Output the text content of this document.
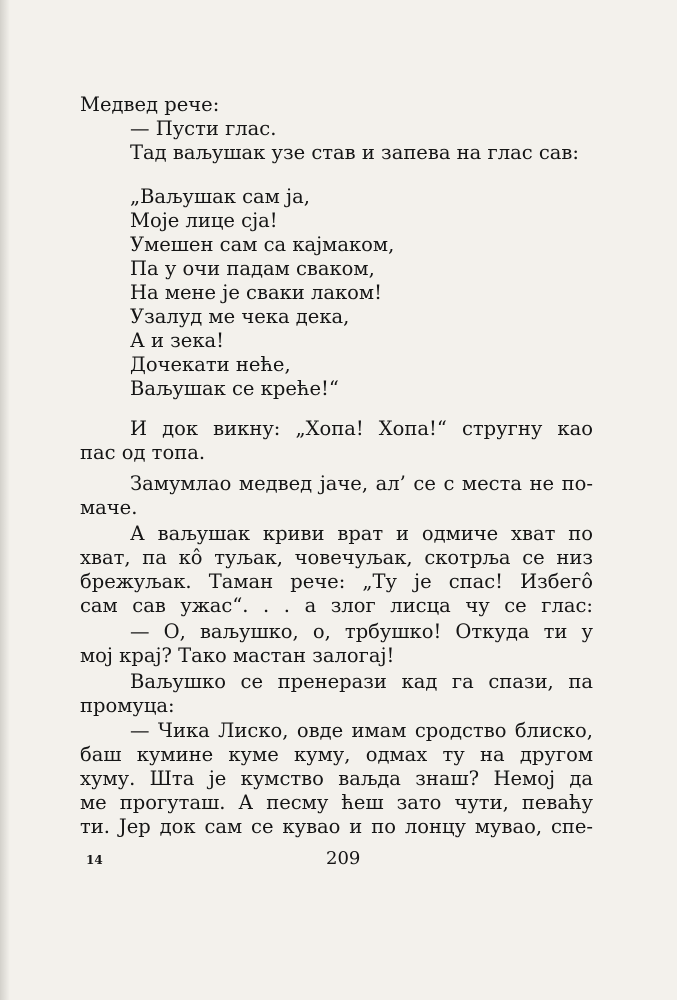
Медвед рече:
— Пусти глас.
Тад ваљушак узе став и запева на глас сав:
„Ваљушак сам ја,
Моје лице сја!
Умешен сам са кајмаком,
Па у очи падам сваком,
На мене је сваки лаком!
Узалуд ме чека дека,
А и зека!
Дочекати неће,
Ваљушак се креће!“
И док викну: „Хопа! Хопа!“ стругну као
пас од топа.
Замумлао медвед јаче, ал’ се с места не по-
маче.
А ваљушак криви врат и одмиче хват по
хват, па кô туљак, човечуљак, скотрља се низ
брежуљак. Таман рече: „Ту је спас! Избегô
сам сав ужас“. . . а злог лисца чу се глас:
— О, ваљушко, о, трбушко! Откуда ти у
мој крај? Тако мастан залогај!
Ваљушко се пренерази кад га спази, па
промуца:
— Чика Лиско, овде имам сродство блиско,
баш кумине куме куму, одмах ту на другом
хуму. Шта је кумство ваљда знаш? Немој да
ме прогуташ. А песму ћеш зато чути, певаћу
ти. Јер док сам се кувао и по лонцу мувао, спе-
14	209
